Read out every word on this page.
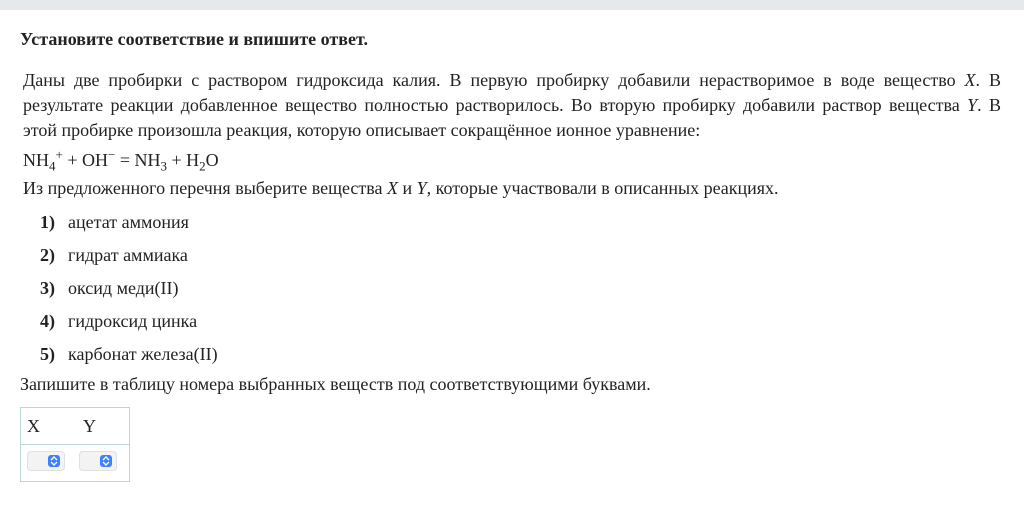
Установите соответствие и впишите ответ.
Даны две пробирки с раствором гидроксида калия. В первую пробирку добавили нерастворимое в воде вещество X. В результате реакции добавленное вещество полностью растворилось. Во вторую пробирку добавили раствор вещества Y. В этой пробирке произошла реакция, которую описывает сокращённое ионное уравнение:
$NH_4^+ + OH^- = NH_3 + H_2O$
Из предложенного перечня выберите вещества X и Y, которые участвовали в описанных реакциях.
1) ацетат аммония
2) гидрат аммиака
3) оксид меди(II)
4) гидроксид цинка
5) карбонат железа(II)
Запишите в таблицу номера выбранных веществ под соответствующими буквами.
X	Y
